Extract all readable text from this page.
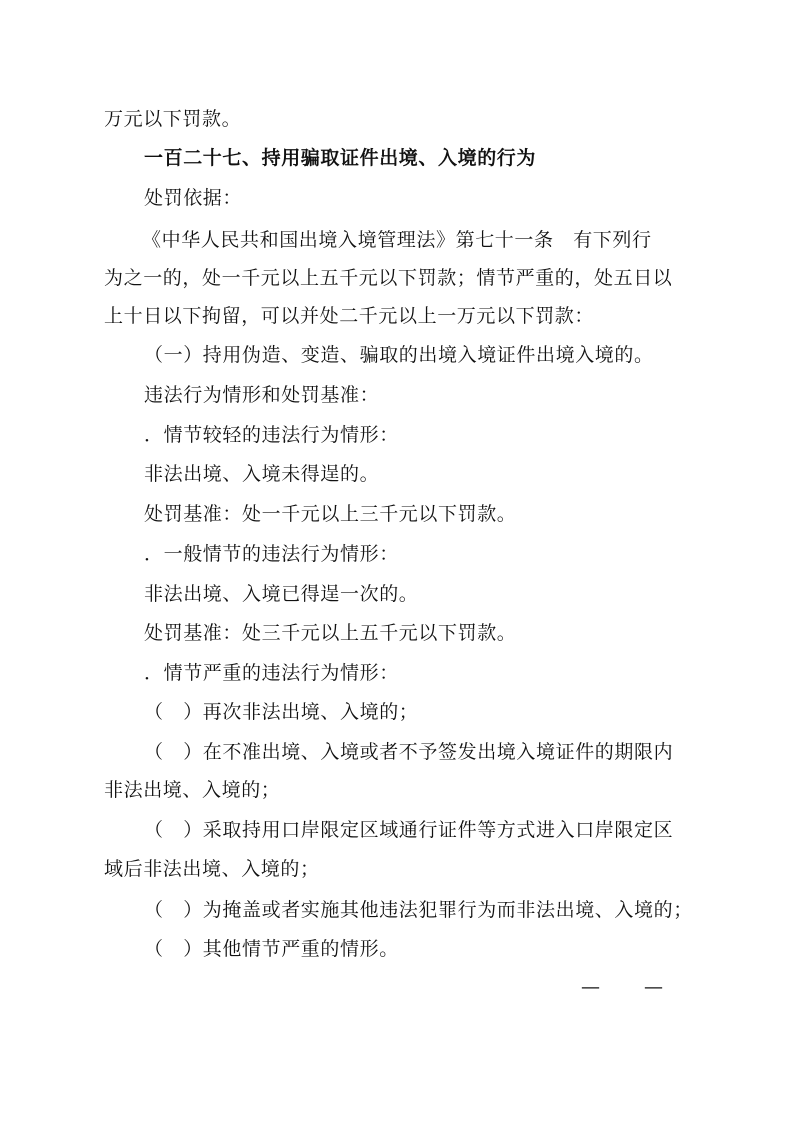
万元以下罚款。
一百二十七、持用骗取证件出境、入境的行为
处罚依据：
《中华人民共和国出境入境管理法》第七十一条　有下列行
为之一的，处一千元以上五千元以下罚款；情节严重的，处五日以
上十日以下拘留，可以并处二千元以上一万元以下罚款：
（一）持用伪造、变造、骗取的出境入境证件出境入境的。
违法行为情形和处罚基准：
．情节较轻的违法行为情形：
非法出境、入境未得逞的。
处罚基准：处一千元以上三千元以下罚款。
．一般情节的违法行为情形：
非法出境、入境已得逞一次的。
处罚基准：处三千元以上五千元以下罚款。
．情节严重的违法行为情形：
（　）再次非法出境、入境的；
（　）在不准出境、入境或者不予签发出境入境证件的期限内
非法出境、入境的；
（　）采取持用口岸限定区域通行证件等方式进入口岸限定区
域后非法出境、入境的；
（　）为掩盖或者实施其他违法犯罪行为而非法出境、入境的；
（　）其他情节严重的情形。
—　　—
